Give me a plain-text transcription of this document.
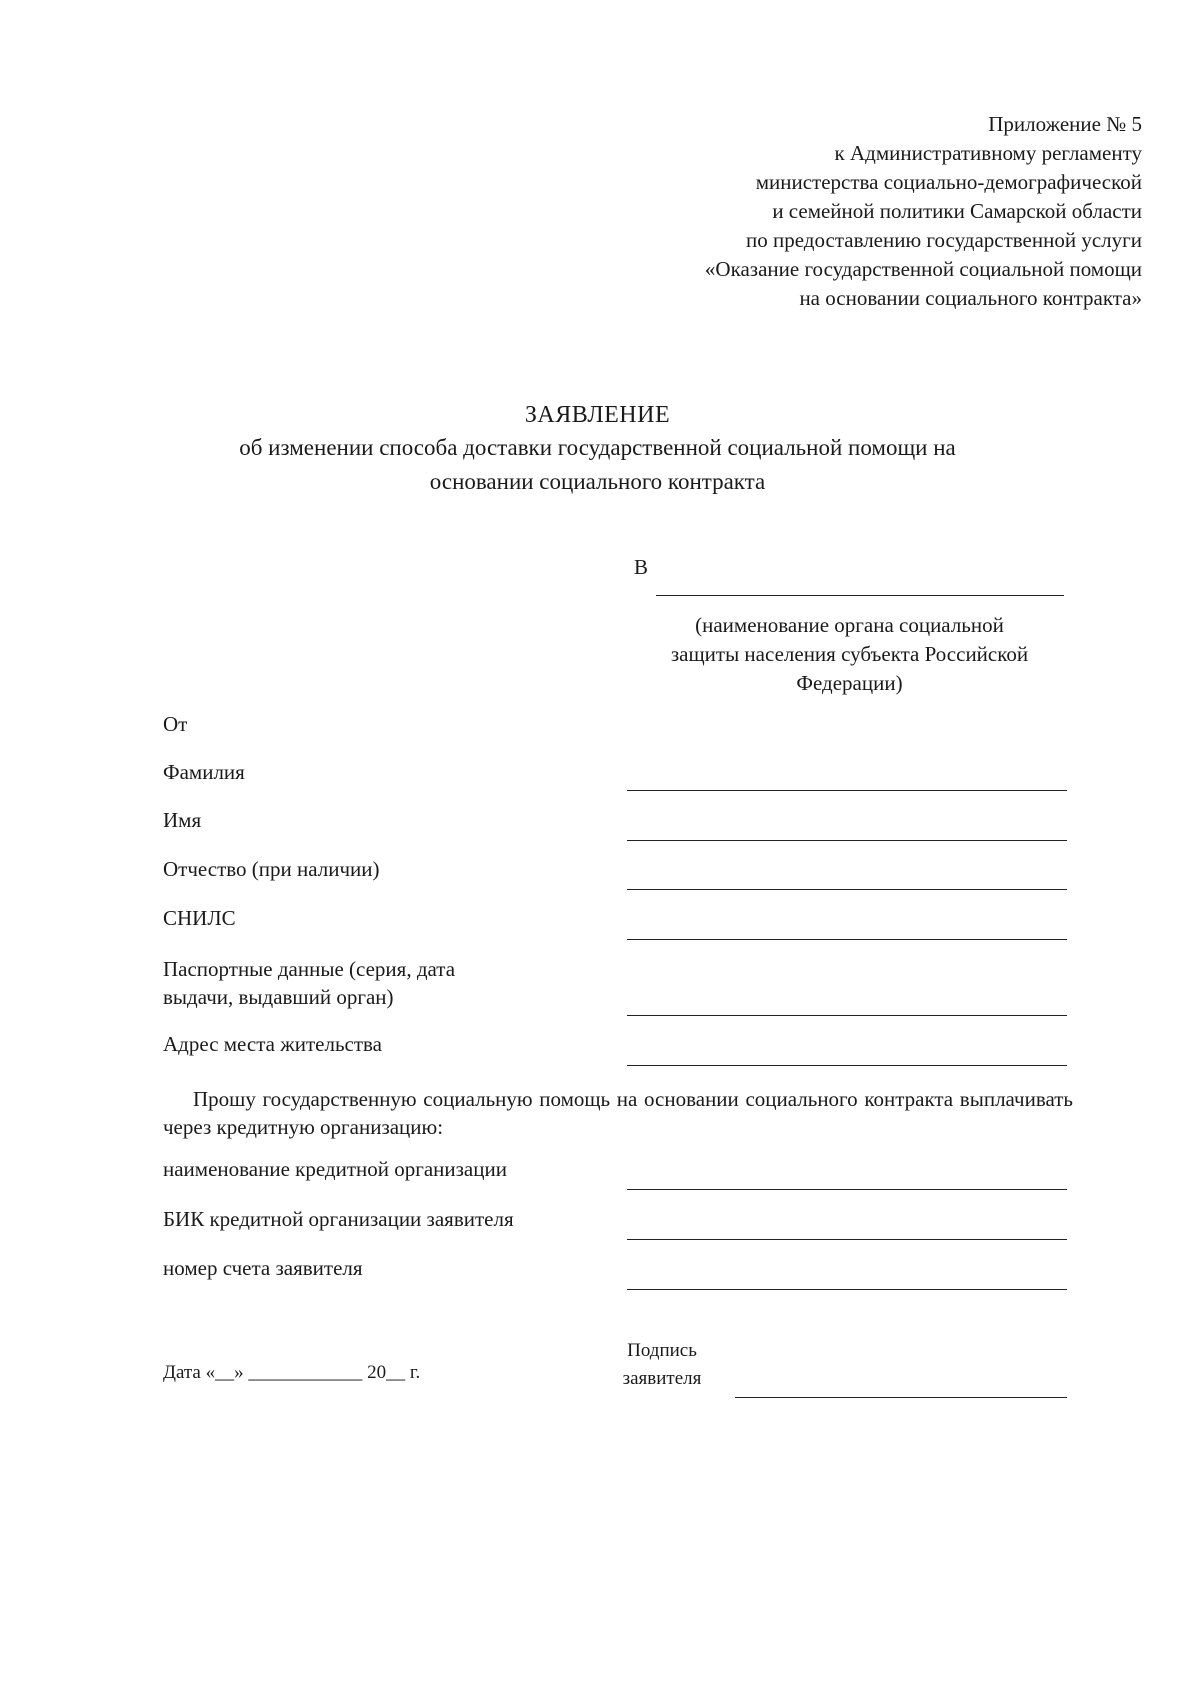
Приложение № 5
к Административному регламенту
министерства социально-демографической
и семейной политики Самарской области
по предоставлению государственной услуги
«Оказание государственной социальной помощи
на основании социального контракта»
ЗАЯВЛЕНИЕ
об изменении способа доставки государственной социальной помощи на
основании социального контракта
В
(наименование органа социальной
защиты населения субъекта Российской
Федерации)
От
Фамилия
Имя
Отчество (при наличии)
СНИЛС
Паспортные данные (серия, дата
выдачи, выдавший орган)
Адрес места жительства
Прошу государственную социальную помощь на основании социального контракта выплачивать через кредитную организацию:
наименование кредитной организации
БИК кредитной организации заявителя
номер счета заявителя
Дата «__» ____________ 20__ г.
Подпись
заявителя
